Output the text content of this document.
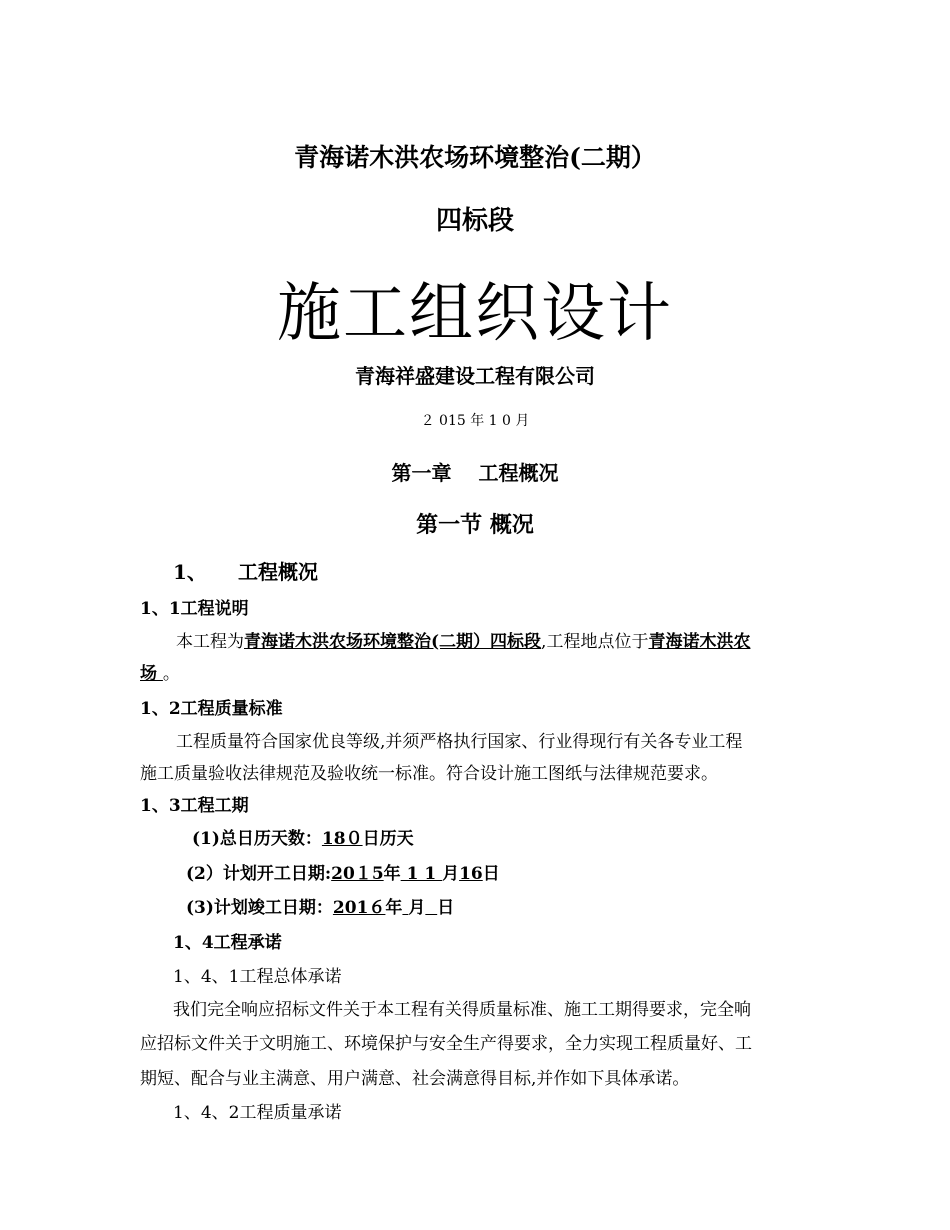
青海诺木洪农场环境整治(二期）
四标段
施工组织设计
青海祥盛建设工程有限公司
２ 015 年 1 0 月
第一章　 工程概况
第一节 概况
1、 工程概况
1、1工程说明
本工程为青海诺木洪农场环境整治(二期）四标段,工程地点位于青海诺木洪农
场 。
1、2工程质量标准
工程质量符合国家优良等级,并须严格执行国家、行业得现行有关各专业工程
施工质量验收法律规范及验收统一标准。符合设计施工图纸与法律规范要求。
1、3工程工期
(1)总日历天数：18０日历天
(2）计划开工日期:20１5年 1 1 月16日
(3)计划竣工日期：201６年 月 日
1、4工程承诺
1、4、1工程总体承诺
我们完全响应招标文件关于本工程有关得质量标准、施工工期得要求，完全响
应招标文件关于文明施工、环境保护与安全生产得要求，全力实现工程质量好、工
期短、配合与业主满意、用户满意、社会满意得目标,并作如下具体承诺。
1、4、2工程质量承诺
